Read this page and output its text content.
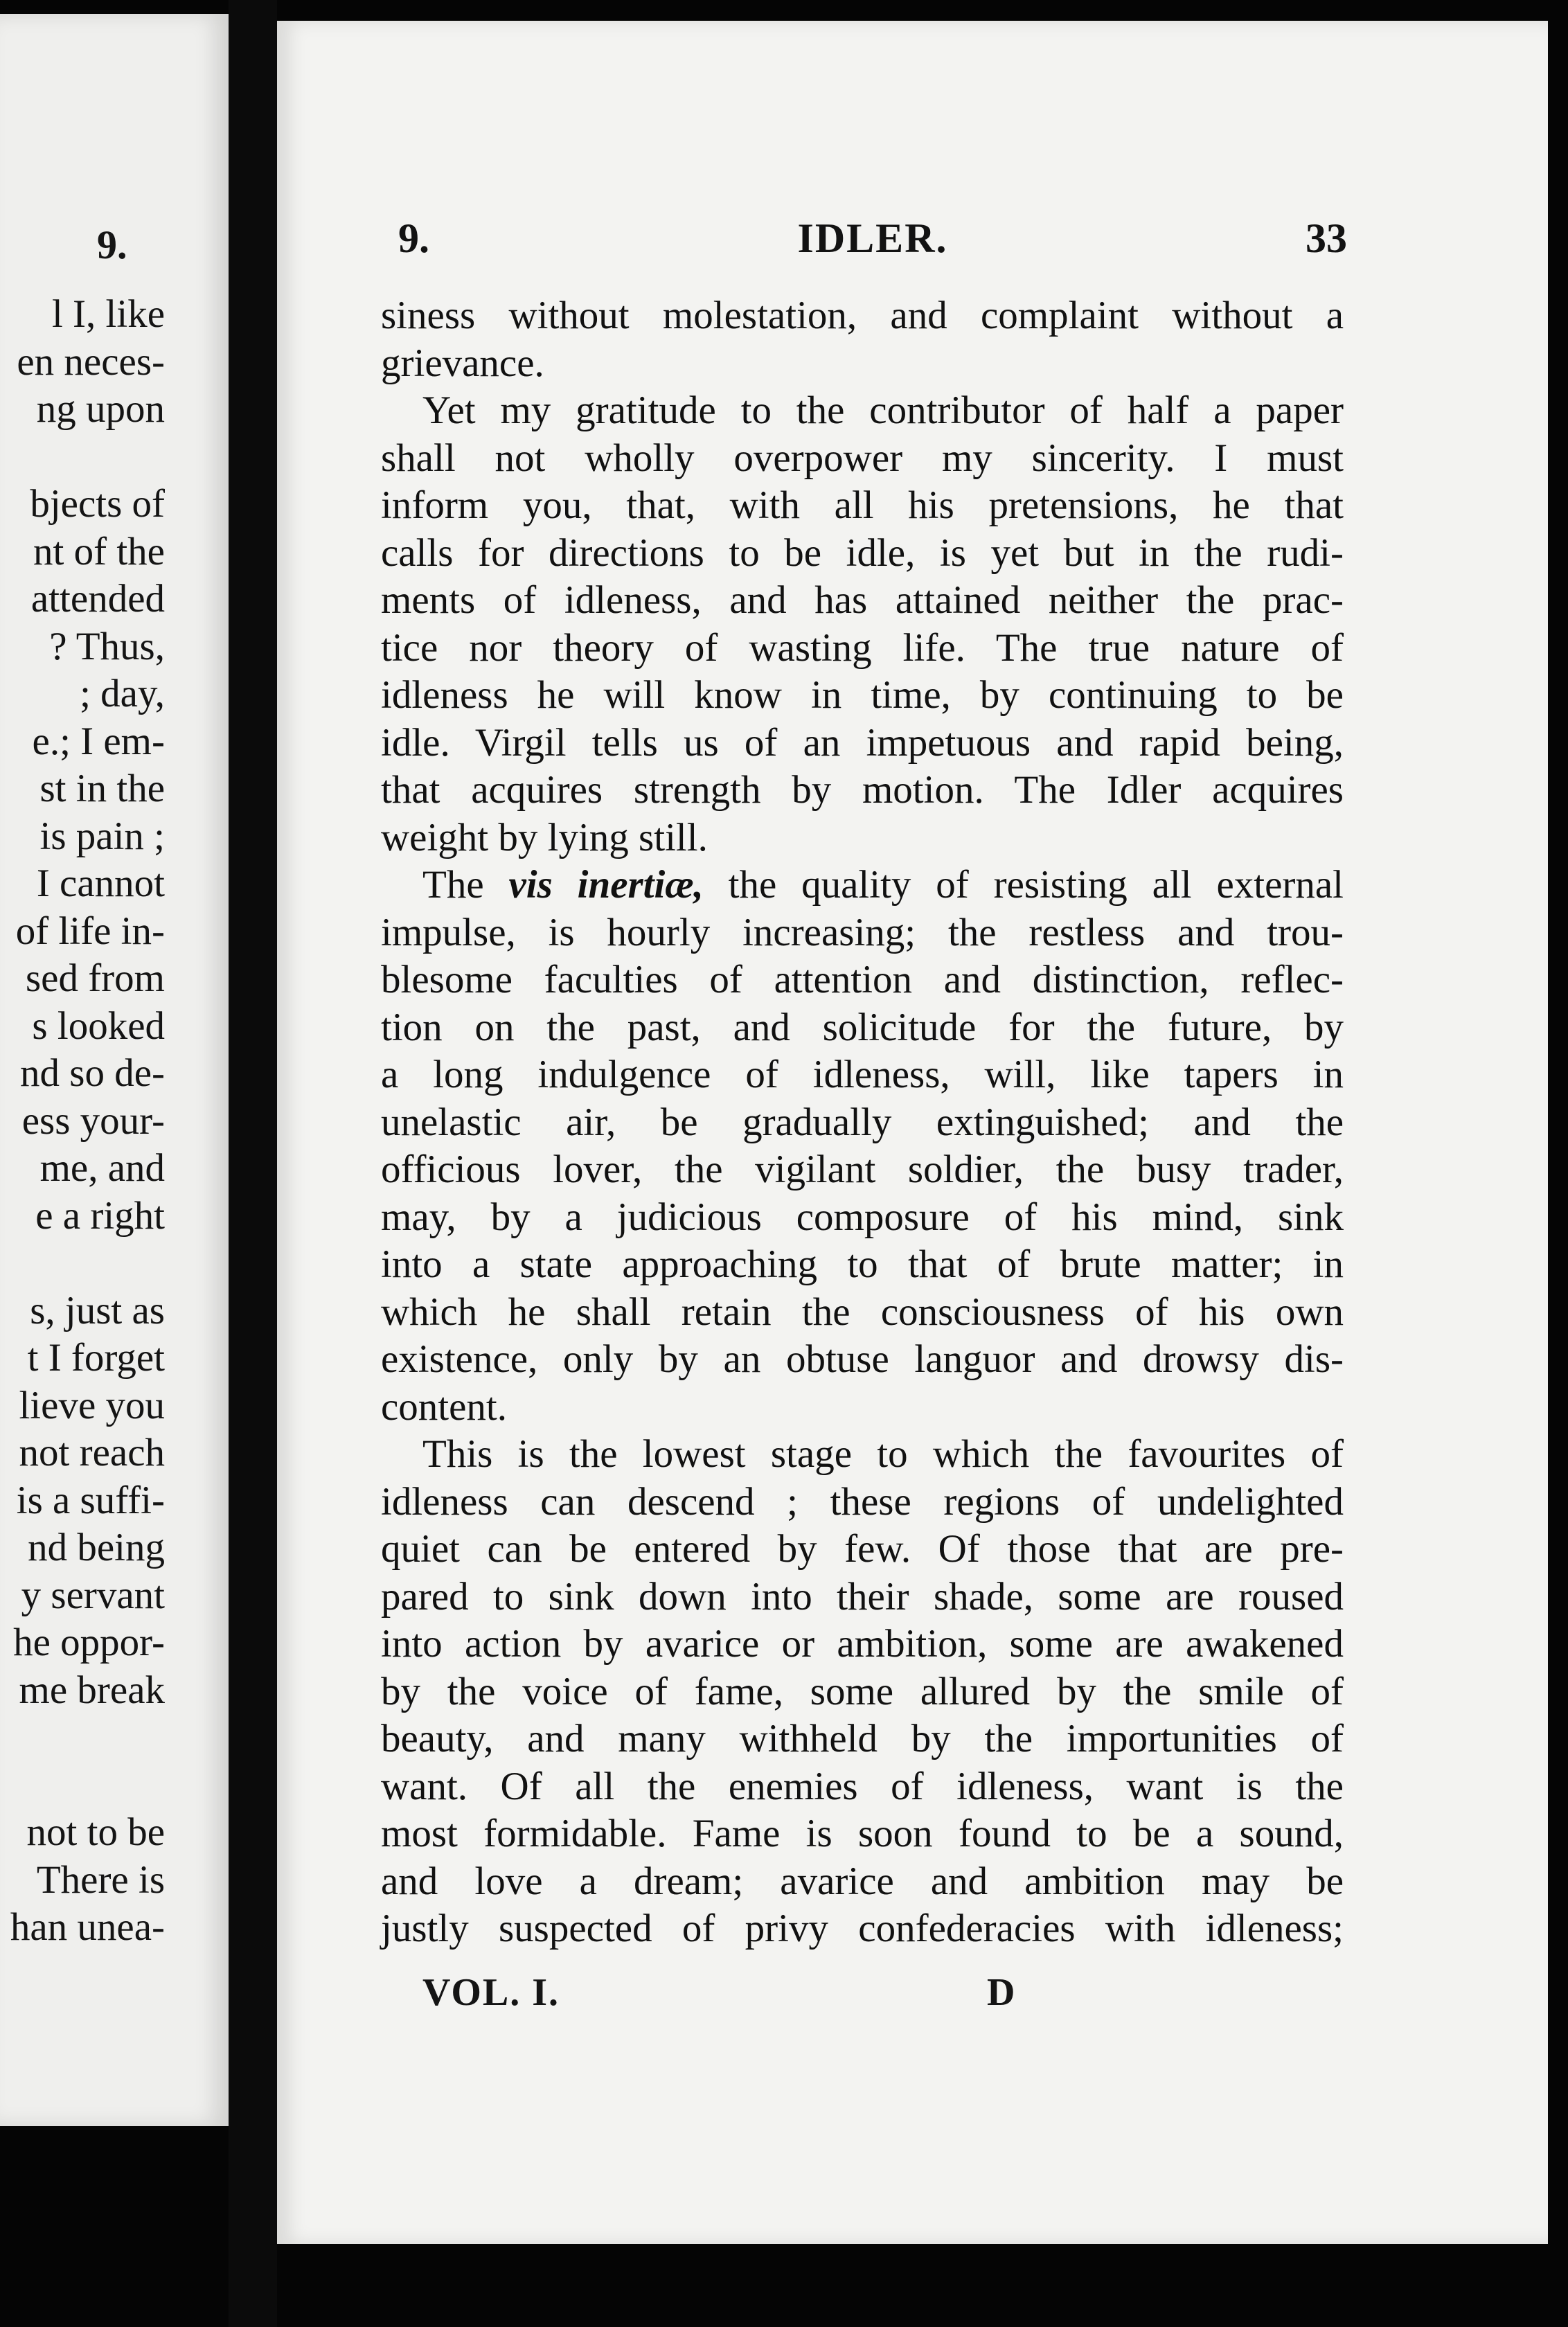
9.
l I, like
en neces-
ng upon
bjects of
nt of the
attended
? Thus,
; day,
e.; I em-
st in the
is pain ;
I cannot
of life in-
sed from
s looked
nd so de-
ess your-
me, and
e a right
s, just as
t I forget
lieve you
not reach
is a suffi-
nd being
y servant
he oppor-
me break
not to be
There is
han unea-
9.	IDLER.	33
siness without molestation, and complaint without a
grievance.
Yet my gratitude to the contributor of half a paper
shall not wholly overpower my sincerity. I must
inform you, that, with all his pretensions, he that
calls for directions to be idle, is yet but in the rudi-
ments of idleness, and has attained neither the prac-
tice nor theory of wasting life. The true nature of
idleness he will know in time, by continuing to be
idle. Virgil tells us of an impetuous and rapid being,
that acquires strength by motion. The Idler acquires
weight by lying still.
The vis inertiæ, the quality of resisting all external
impulse, is hourly increasing; the restless and trou-
blesome faculties of attention and distinction, reflec-
tion on the past, and solicitude for the future, by
a long indulgence of idleness, will, like tapers in
unelastic air, be gradually extinguished; and the
officious lover, the vigilant soldier, the busy trader,
may, by a judicious composure of his mind, sink
into a state approaching to that of brute matter; in
which he shall retain the consciousness of his own
existence, only by an obtuse languor and drowsy dis-
content.
This is the lowest stage to which the favourites of
idleness can descend ; these regions of undelighted
quiet can be entered by few. Of those that are pre-
pared to sink down into their shade, some are roused
into action by avarice or ambition, some are awakened
by the voice of fame, some allured by the smile of
beauty, and many withheld by the importunities of
want. Of all the enemies of idleness, want is the
most formidable. Fame is soon found to be a sound,
and love a dream; avarice and ambition may be
justly suspected of privy confederacies with idleness;
VOL. I.	D
